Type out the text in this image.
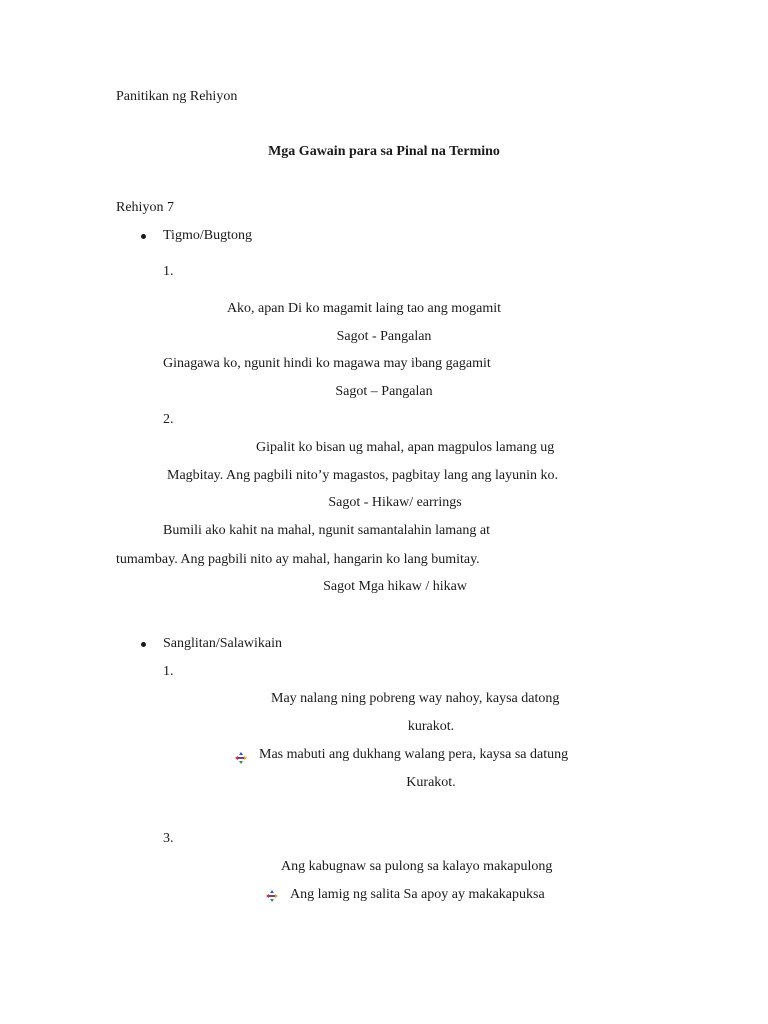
Panitikan ng Rehiyon
Mga Gawain para sa Pinal na Termino
Rehiyon 7
Tigmo/Bugtong
1.
Ako, apan Di ko magamit laing tao ang mogamit
Sagot - Pangalan
Ginagawa ko, ngunit hindi ko magawa may ibang gagamit
Sagot – Pangalan
2.
Gipalit ko bisan ug mahal, apan magpulos lamang ug
Magbitay. Ang pagbili nito’y magastos, pagbitay lang ang layunin ko.
Sagot - Hikaw/ earrings
Bumili ako kahit na mahal, ngunit samantalahin lamang at
tumambay. Ang pagbili nito ay mahal, hangarin ko lang bumitay.
Sagot Mga hikaw / hikaw
Sanglitan/Salawikain
1.
May nalang ning pobreng way nahoy, kaysa datong
kurakot.
Mas mabuti ang dukhang walang pera, kaysa sa datung
Kurakot.
3.
Ang kabugnaw sa pulong sa kalayo makapulong
Ang lamig ng salita Sa apoy ay makakapuksa
